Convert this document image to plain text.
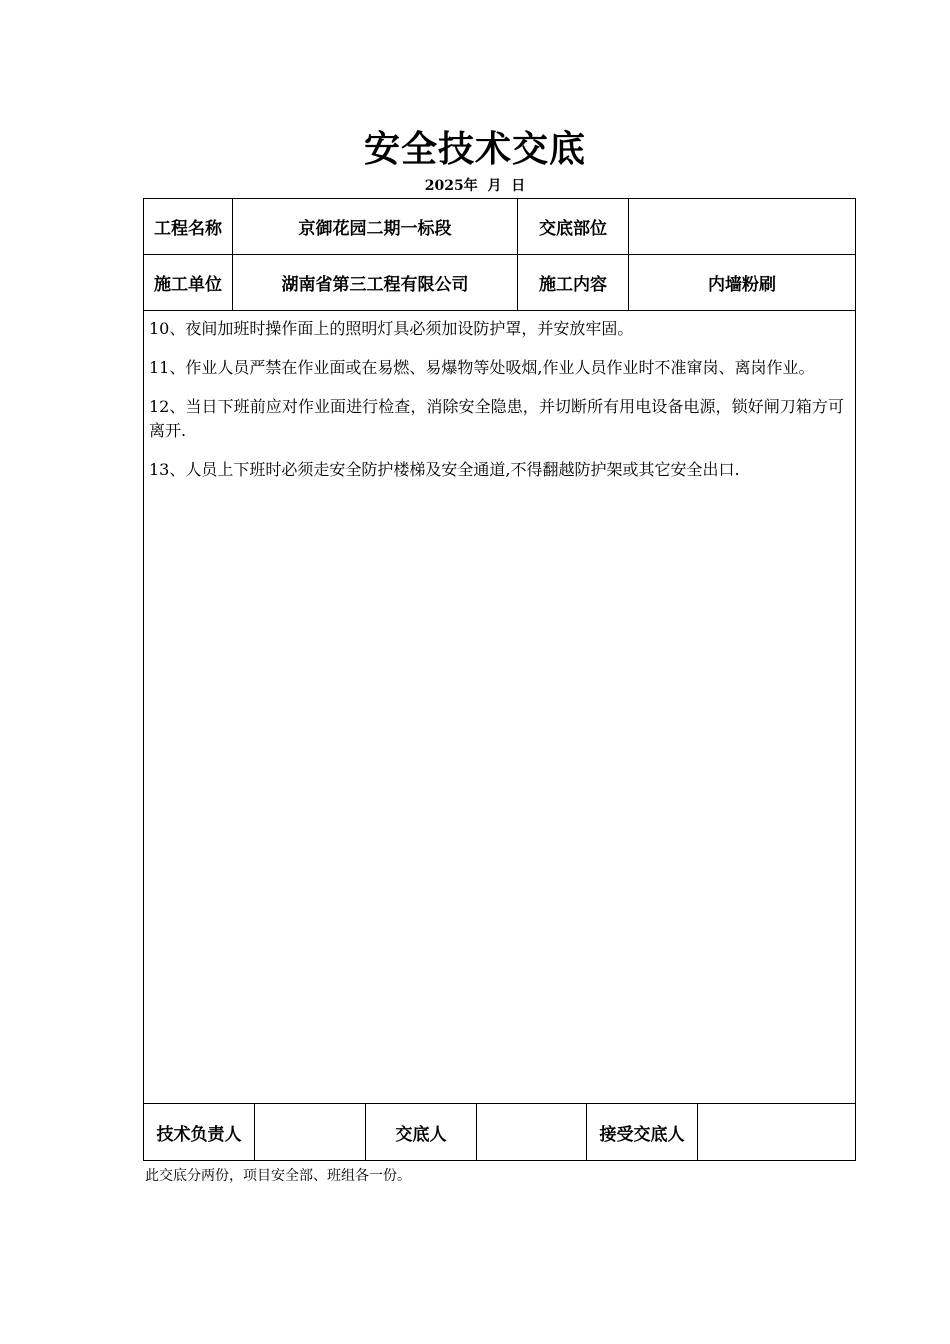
安全技术交底
2025年  月  日
工程名称	京御花园二期一标段	交底部位
施工单位	湖南省第三工程有限公司	施工内容	内墙粉刷

10、夜间加班时操作面上的照明灯具必须加设防护罩，并安放牢固。

11、作业人员严禁在作业面或在易燃、易爆物等处吸烟,作业人员作业时不准窜岗、离岗作业。

12、当日下班前应对作业面进行检查，消除安全隐患，并切断所有用电设备电源，锁好闸刀箱方可离开.

13、人员上下班时必须走安全防护楼梯及安全通道,不得翻越防护架或其它安全出口.

技术负责人	交底人	接受交底人
此交底分两份，项目安全部、班组各一份。
